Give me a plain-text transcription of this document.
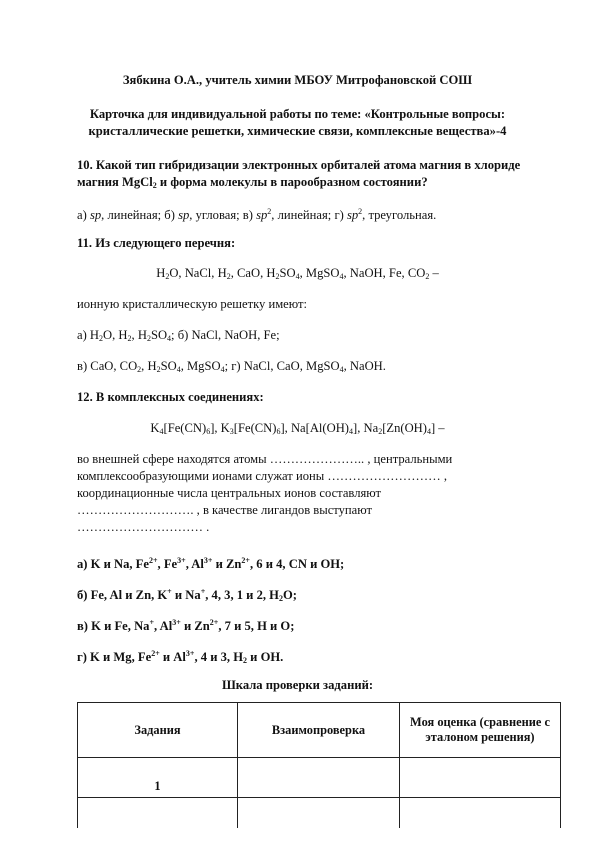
Зябкина О.А., учитель химии МБОУ Митрофановской СОШ
Карточка для индивидуальной работы по теме: «Контрольные вопросы:
кристаллические решетки, химические связи, комплексные вещества»-4
10. Какой тип гибридизации электронных орбиталей атома магния в хлориде
магния MgCl$_2$ и форма молекулы в парообразном состоянии?
а) sp, линейная; б) sp, угловая; в) $sp^2$, линейная; г) $sp^2$, треугольная.
11. Из следующего перечня:
$H_2O$, NaCl, $H_2$, CaO, $H_2SO_4$, MgSO$_4$, NaOH, Fe, $CO_2$ –
ионную кристаллическую решетку имеют:
а) $H_2O$, $H_2$, $H_2SO_4$; б) NaCl, NaOH, Fe;
в) CaO, $CO_2$, $H_2SO_4$, MgSO$_4$; г) NaCl, CaO, MgSO$_4$, NaOH.
12. В комплексных соединениях:
$K_4[Fe(CN)_6]$, $K_3[Fe(CN)_6]$, $Na[Al(OH)_4]$, $Na_2[Zn(OH)_4]$ –
во внешней сфере находятся атомы ………………….. , центральными
комплексообразующими ионами служат ионы ……………………… ,
координационные числа центральных ионов составляют
………………………. , в качестве лигандов выступают
………………………… .
а) K и Na, $Fe^{2+}$, $Fe^{3+}$, $Al^{3+}$ и $Zn^{2+}$, 6 и 4, CN и OH;
б) Fe, Al и Zn, K+ и Na+, 4, 3, 1 и 2, $H_2O$;
в) K и Fe, Na+, $Al^{3+}$ и $Zn^{2+}$, 7 и 5, H и O;
г) K и Mg, $Fe^{2+}$ и $Al^{3+}$, 4 и 3, $H_2$ и OH.
Шкала проверки заданий:
Задания	Взаимопроверка	Моя оценка (сравнение с эталоном решения)
1		
